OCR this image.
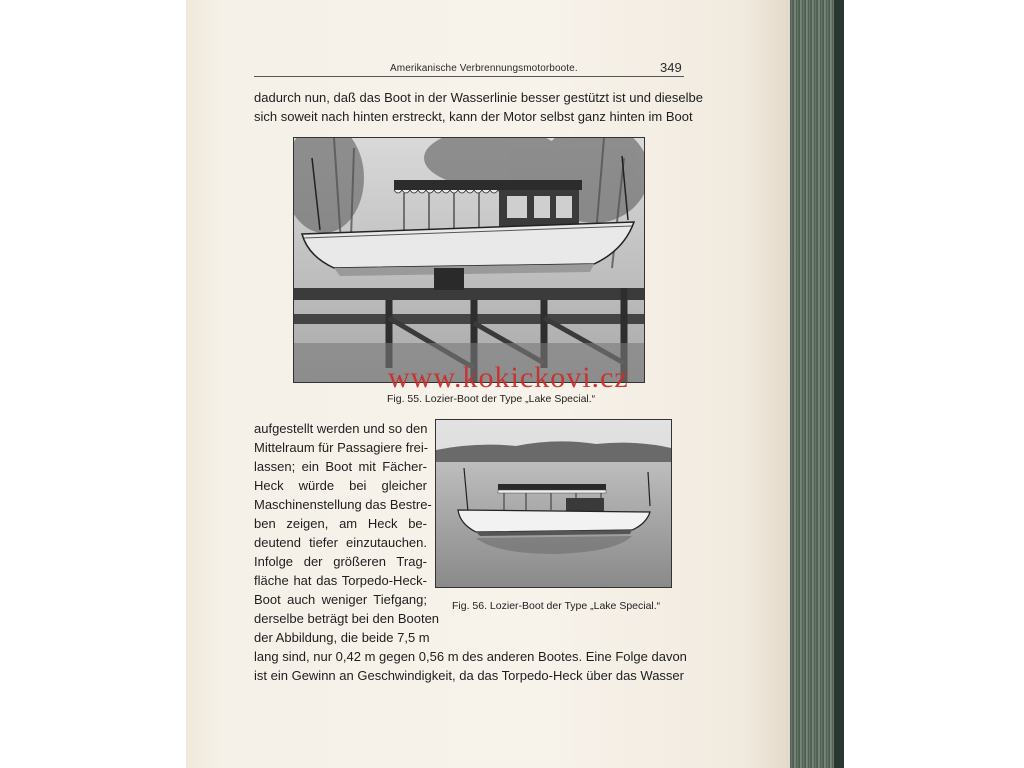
Amerikanische Verbrennungsmotorboote.	349
dadurch nun, daß das Boot in der Wasserlinie besser gestützt ist und dieselbe
sich soweit nach hinten erstreckt, kann der Motor selbst ganz hinten im Boot
www.kokickovi.cz
Fig. 55. Lozier-Boot der Type „Lake Special.“
aufgestellt werden und so den
Mittelraum für Passagiere frei-
lassen; ein Boot mit Fächer-
Heck würde bei gleicher
Maschinenstellung das Bestre-
ben zeigen, am Heck be-
deutend tiefer einzutauchen.
Infolge der größeren Trag-
fläche hat das Torpedo-Heck-
Boot auch weniger Tiefgang;
derselbe beträgt bei den Booten
der Abbildung, die beide 7,5 m
Fig. 56. Lozier-Boot der Type „Lake Special.“
lang sind, nur 0,42 m gegen 0,56 m des anderen Bootes. Eine Folge davon
ist ein Gewinn an Geschwindigkeit, da das Torpedo-Heck über das Wasser
